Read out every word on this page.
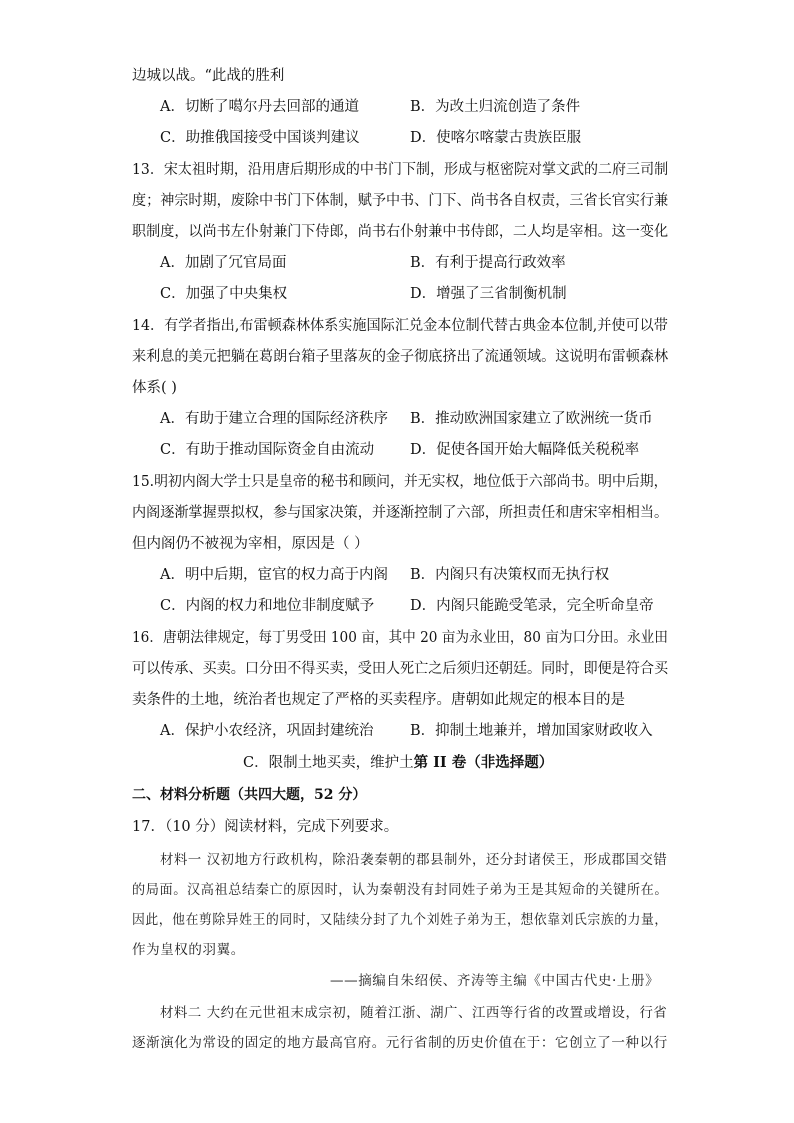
边城以战。“此战的胜利
A．切断了噶尔丹去回部的通道	B．为改土归流创造了条件
C．助推俄国接受中国谈判建议	D．使喀尔喀蒙古贵族臣服
13．宋太祖时期，沿用唐后期形成的中书门下制，形成与枢密院对掌文武的二府三司制
度；神宗时期，废除中书门下体制，赋予中书、门下、尚书各自权责，三省长官实行兼
职制度，以尚书左仆射兼门下侍郎，尚书右仆射兼中书侍郎，二人均是宰相。这一变化
A．加剧了冗官局面	B．有利于提高行政效率
C．加强了中央集权	D．增强了三省制衡机制
14．有学者指出,布雷顿森林体系实施国际汇兑金本位制代替古典金本位制,并使可以带
来利息的美元把躺在葛朗台箱子里落灰的金子彻底挤出了流通领域。这说明布雷顿森林
体系( )
A．有助于建立合理的国际经济秩序 B．推动欧洲国家建立了欧洲统一货币
C．有助于推动国际资金自由流动 D．促使各国开始大幅降低关税税率
15.明初内阁大学士只是皇帝的秘书和顾问，并无实权，地位低于六部尚书。明中后期，
内阁逐渐掌握票拟权，参与国家决策，并逐渐控制了六部，所担责任和唐宋宰相相当。
但内阁仍不被视为宰相，原因是（ ）
A．明中后期，宦官的权力高于内阁 B．内阁只有决策权而无执行权
C．内阁的权力和地位非制度赋予 D．内阁只能跪受笔录，完全听命皇帝
16．唐朝法律规定，每丁男受田 100 亩，其中 20 亩为永业田，80 亩为口分田。永业田
可以传承、买卖。口分田不得买卖，受田人死亡之后须归还朝廷。同时，即便是符合买
卖条件的土地，统治者也规定了严格的买卖程序。唐朝如此规定的根本目的是
A．保护小农经济，巩固封建统治	B．抑制土地兼并，增加国家财政收入
C．限制土地买卖，维护土第 II 卷（非选择题）
二、材料分析题（共四大题，52 分）
17．（10 分）阅读材料，完成下列要求。
材料一 汉初地方行政机构，除沿袭秦朝的郡县制外，还分封诸侯王，形成郡国交错
的局面。汉高祖总结秦亡的原因时，认为秦朝没有封同姓子弟为王是其短命的关键所在。
因此，他在剪除异姓王的同时，又陆续分封了九个刘姓子弟为王，想依靠刘氏宗族的力量，
作为皇权的羽翼。
——摘编自朱绍侯、齐涛等主编《中国古代史·上册》
材料二 大约在元世祖末成宗初，随着江浙、湖广、江西等行省的改置或增设，行省
逐渐演化为常设的固定的地方最高官府。元行省制的历史价值在于：它创立了一种以行
